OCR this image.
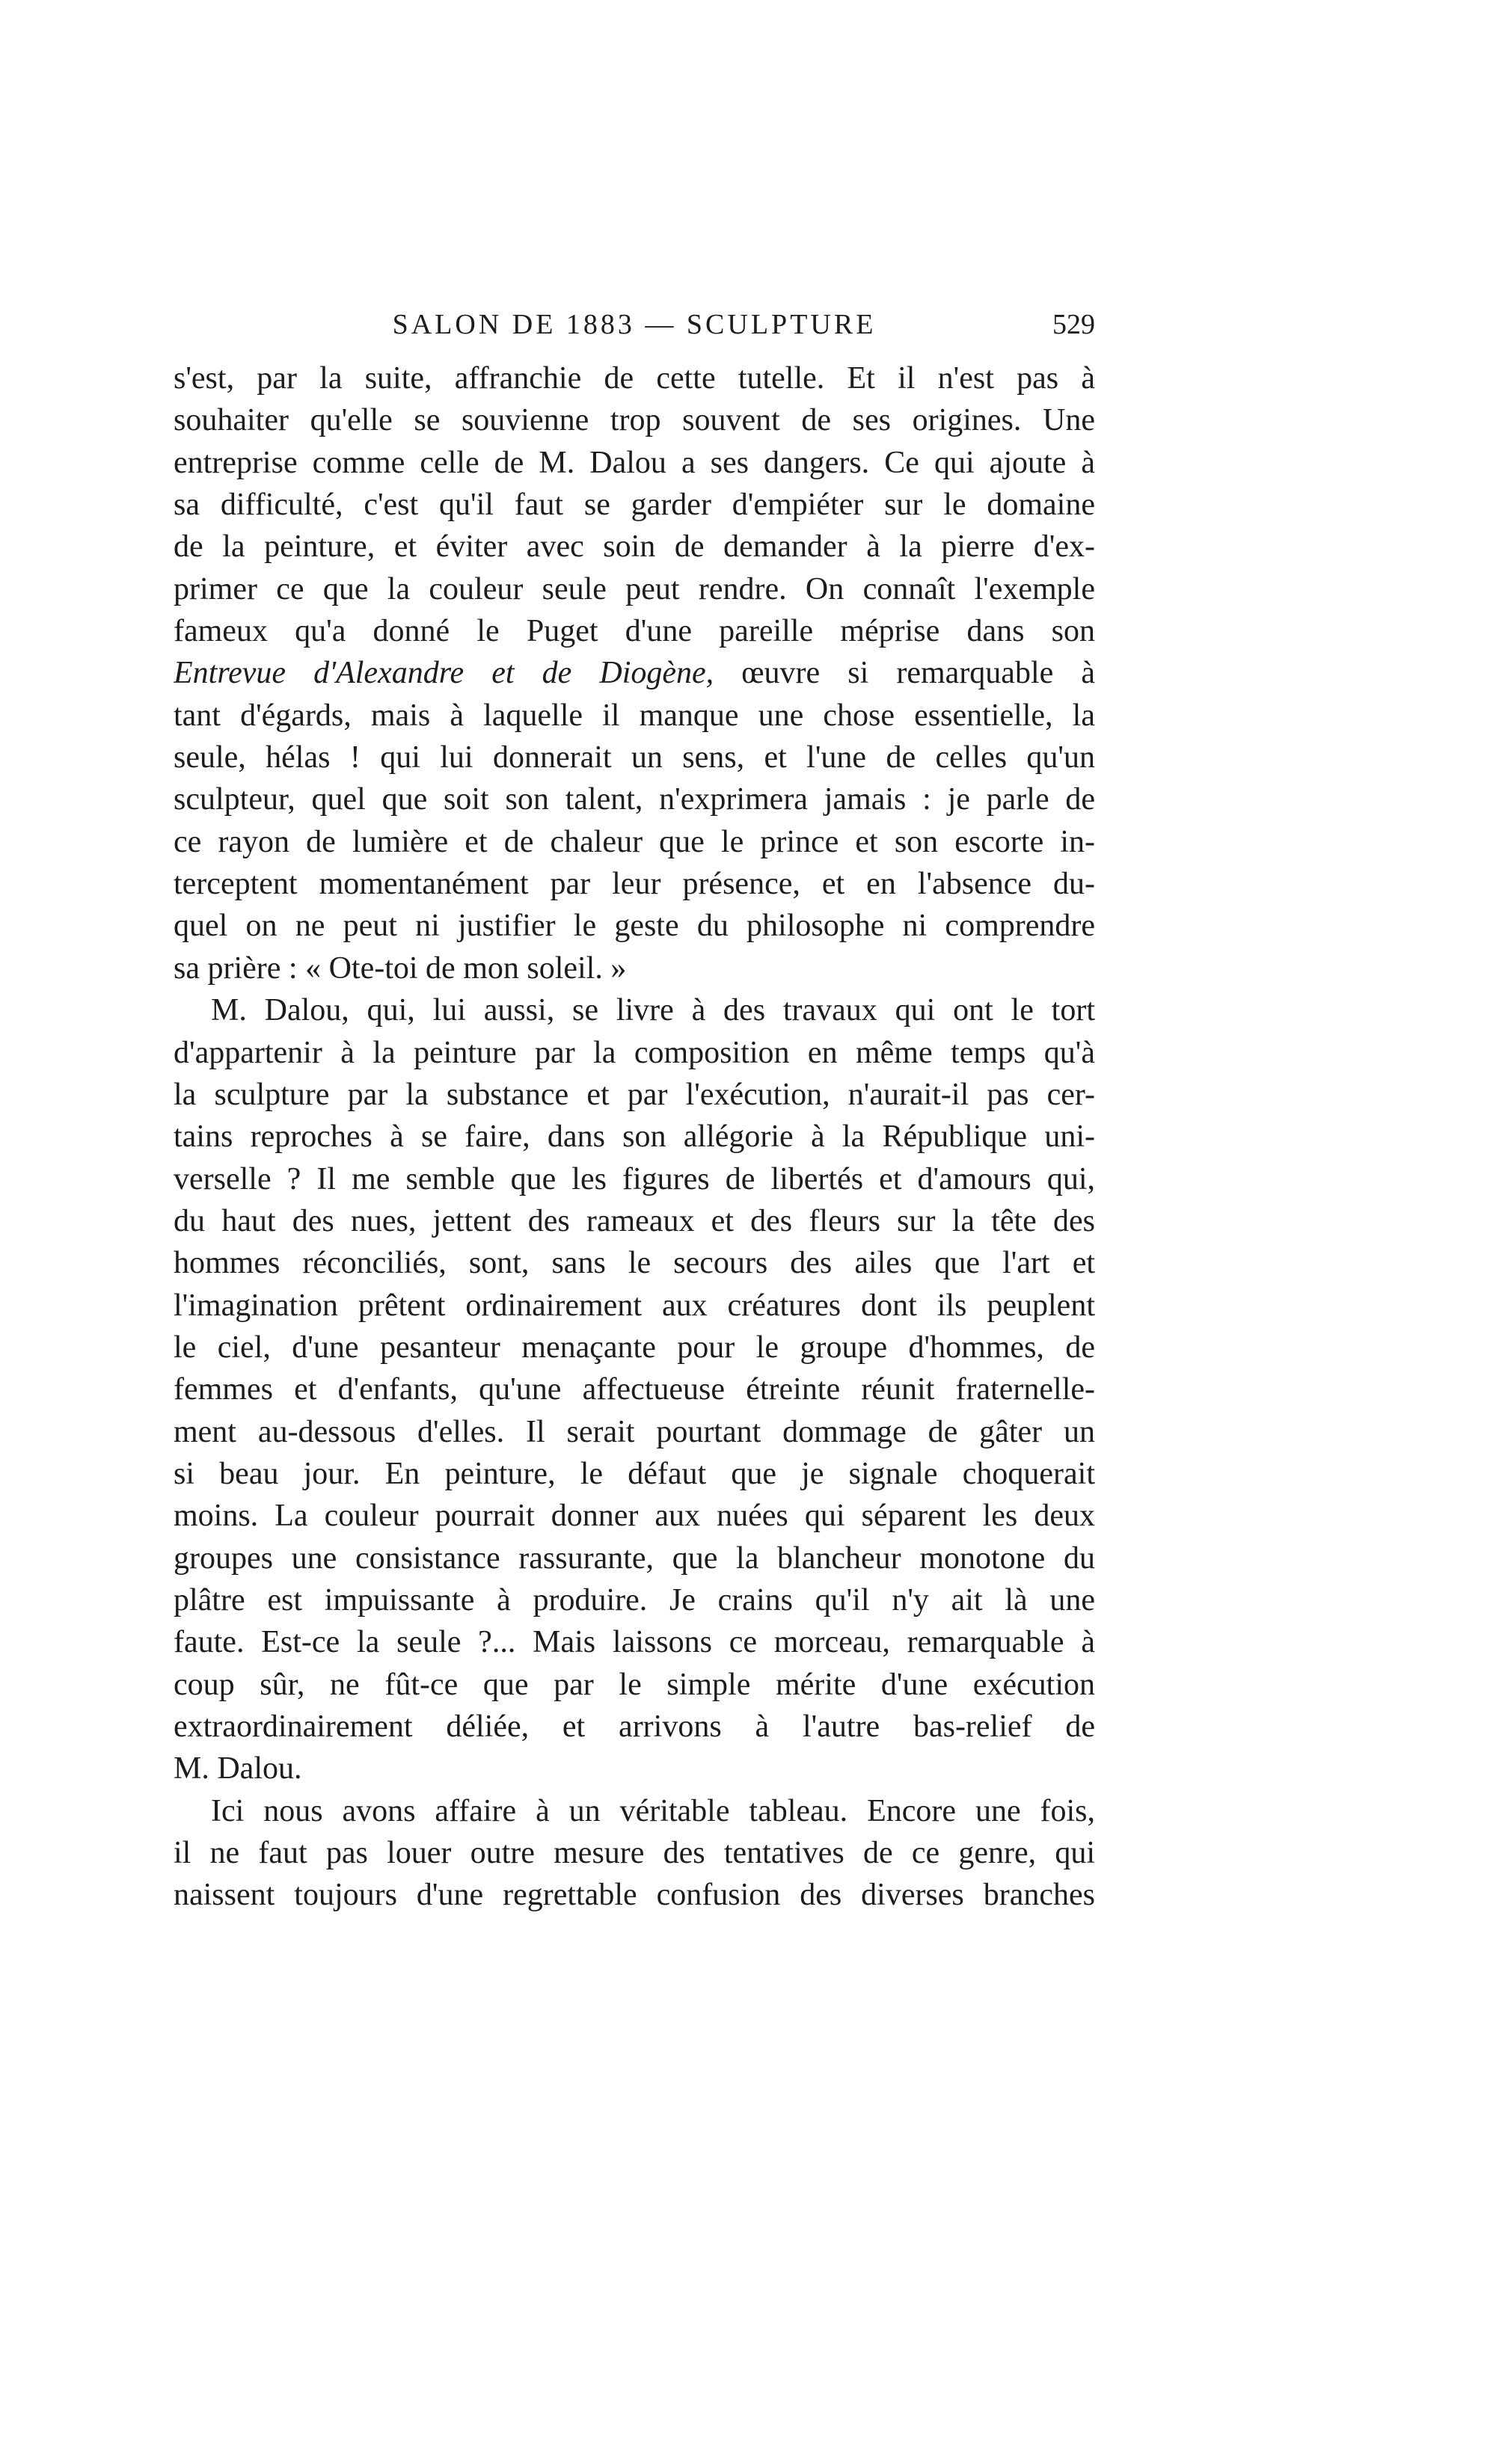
SALON DE 1883 — SCULPTURE	529
s'est, par la suite, affranchie de cette tutelle. Et il n'est pas à
souhaiter qu'elle se souvienne trop souvent de ses origines. Une
entreprise comme celle de M. Dalou a ses dangers. Ce qui ajoute à
sa difficulté, c'est qu'il faut se garder d'empiéter sur le domaine
de la peinture, et éviter avec soin de demander à la pierre d'ex-
primer ce que la couleur seule peut rendre. On connaît l'exemple
fameux qu'a donné le Puget d'une pareille méprise dans son
Entrevue d'Alexandre et de Diogène, œuvre si remarquable à
tant d'égards, mais à laquelle il manque une chose essentielle, la
seule, hélas ! qui lui donnerait un sens, et l'une de celles qu'un
sculpteur, quel que soit son talent, n'exprimera jamais : je parle de
ce rayon de lumière et de chaleur que le prince et son escorte in-
terceptent momentanément par leur présence, et en l'absence du-
quel on ne peut ni justifier le geste du philosophe ni comprendre
sa prière : « Ote-toi de mon soleil. »
M. Dalou, qui, lui aussi, se livre à des travaux qui ont le tort
d'appartenir à la peinture par la composition en même temps qu'à
la sculpture par la substance et par l'exécution, n'aurait-il pas cer-
tains reproches à se faire, dans son allégorie à la République uni-
verselle ? Il me semble que les figures de libertés et d'amours qui,
du haut des nues, jettent des rameaux et des fleurs sur la tête des
hommes réconciliés, sont, sans le secours des ailes que l'art et
l'imagination prêtent ordinairement aux créatures dont ils peuplent
le ciel, d'une pesanteur menaçante pour le groupe d'hommes, de
femmes et d'enfants, qu'une affectueuse étreinte réunit fraternelle-
ment au-dessous d'elles. Il serait pourtant dommage de gâter un
si beau jour. En peinture, le défaut que je signale choquerait
moins. La couleur pourrait donner aux nuées qui séparent les deux
groupes une consistance rassurante, que la blancheur monotone du
plâtre est impuissante à produire. Je crains qu'il n'y ait là une
faute. Est-ce la seule ?... Mais laissons ce morceau, remarquable à
coup sûr, ne fût-ce que par le simple mérite d'une exécution
extraordinairement déliée, et arrivons à l'autre bas-relief de
M. Dalou.
Ici nous avons affaire à un véritable tableau. Encore une fois,
il ne faut pas louer outre mesure des tentatives de ce genre, qui
naissent toujours d'une regrettable confusion des diverses branches
